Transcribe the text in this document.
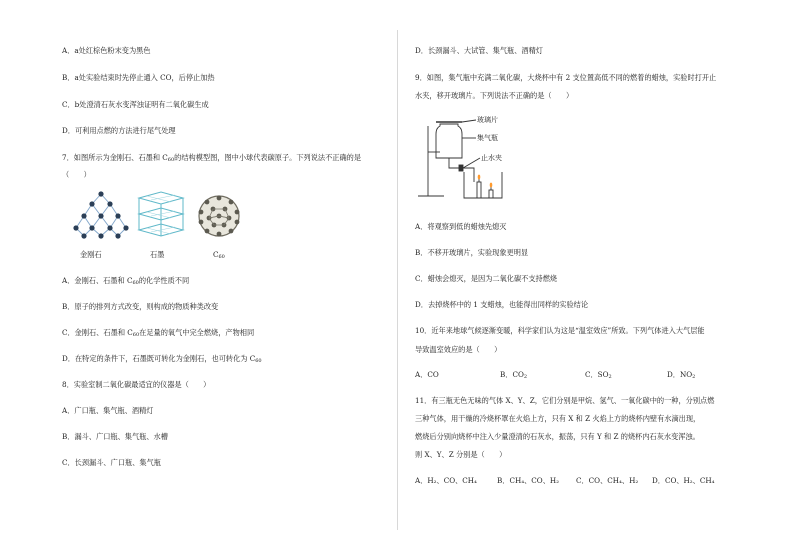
A．a处红棕色粉末变为黑色
B．a处实验结束时先停止通入 CO，后停止加热
C．b处澄清石灰水变浑浊证明有二氧化碳生成
D．可利用点燃的方法进行尾气处理
7．如图所示为金刚石、石墨和 $C_{60}$的结构模型图，图中小球代表碳原子。下列说法不正确的是
（　　）
金刚石	石墨	$C_{60}$
A．金刚石、石墨和 $C_{60}$的化学性质不同
B．原子的排列方式改变，则构成的物质种类改变
C．金刚石、石墨和 $C_{60}$在足量的氧气中完全燃烧，产物相同
D．在特定的条件下，石墨既可转化为金刚石，也可转化为 $C_{60}$
8．实验室制二氧化碳最适宜的仪器是（　　）
A．广口瓶、集气瓶、酒精灯
B．漏斗、广口瓶、集气瓶、水槽
C．长颈漏斗、广口瓶、集气瓶
D．长颈漏斗、大试管、集气瓶、酒精灯
9．如图，集气瓶中充满二氧化碳，大烧杯中有 2 支位置高低不同的燃着的蜡烛，实验时打开止
水夹，移开玻璃片。下列说法不正确的是（　　）
玻璃片
集气瓶
止水夹
A．将观察到低的蜡烛先熄灭
B．不移开玻璃片，实验现象更明显
C．蜡烛会熄灭，是因为二氧化碳不支持燃烧
D．去掉烧杯中的 1 支蜡烛，也能得出同样的实验结论
10．近年来地球气候逐渐变暖，科学家们认为这是“温室效应”所致。下列气体进入大气层能
导致温室效应的是（　　）
A．CO	B．$CO_2$	C．$SO_2$	D．$NO_2$
11．有三瓶无色无味的气体 X、Y、Z，它们分别是甲烷、氢气、一氧化碳中的一种，分别点燃
三种气体，用干燥的冷烧杯罩在火焰上方，只有 X 和 Z 火焰上方的烧杯内壁有水滴出现，
燃烧后分别向烧杯中注入少量澄清的石灰水，振荡，只有 Y 和 Z 的烧杯内石灰水变浑浊。
则 X、Y、Z 分别是（　　）
A．H₂、CO、CH₄	B．CH₄、CO、H₂ C．CO、CH₄、H₂ D．CO、H₂、CH₄
